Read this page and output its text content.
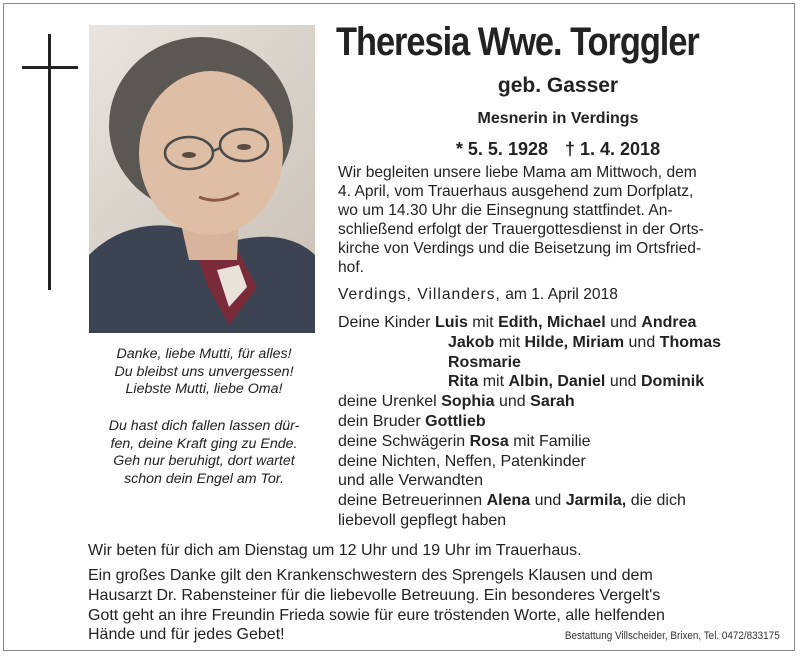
Danke, liebe Mutti, für alles!
Du bleibst uns unvergessen!
Liebste Mutti, liebe Oma!
Du hast dich fallen lassen dür-
fen, deine Kraft ging zu Ende.
Geh nur beruhigt, dort wartet
schon dein Engel am Tor.
Theresia Wwe. Torggler
geb. Gasser
Mesnerin in Verdings
* 5. 5. 1928 † 1. 4. 2018
Wir begleiten unsere liebe Mama am Mittwoch, dem
4. April, vom Trauerhaus ausgehend zum Dorfplatz,
wo um 14.30 Uhr die Einsegnung stattfindet. An-
schließend erfolgt der Trauergottesdienst in der Orts-
kirche von Verdings und die Beisetzung im Ortsfried-
hof.
Verdings, Villanders, am 1. April 2018
Deine Kinder Luis mit Edith, Michael und Andrea
Jakob mit Hilde, Miriam und Thomas
Rosmarie
Rita mit Albin, Daniel und Dominik
deine Urenkel Sophia und Sarah
dein Bruder Gottlieb
deine Schwägerin Rosa mit Familie
deine Nichten, Neffen, Patenkinder
und alle Verwandten
deine Betreuerinnen Alena und Jarmila, die dich
liebevoll gepflegt haben
Wir beten für dich am Dienstag um 12 Uhr und 19 Uhr im Trauerhaus.
Ein großes Danke gilt den Krankenschwestern des Sprengels Klausen und dem
Hausarzt Dr. Rabensteiner für die liebevolle Betreuung. Ein besonderes Vergelt's
Gott geht an ihre Freundin Frieda sowie für eure tröstenden Worte, alle helfenden
Hände und für jedes Gebet!	Bestattung Villscheider, Brixen, Tel. 0472/833175
